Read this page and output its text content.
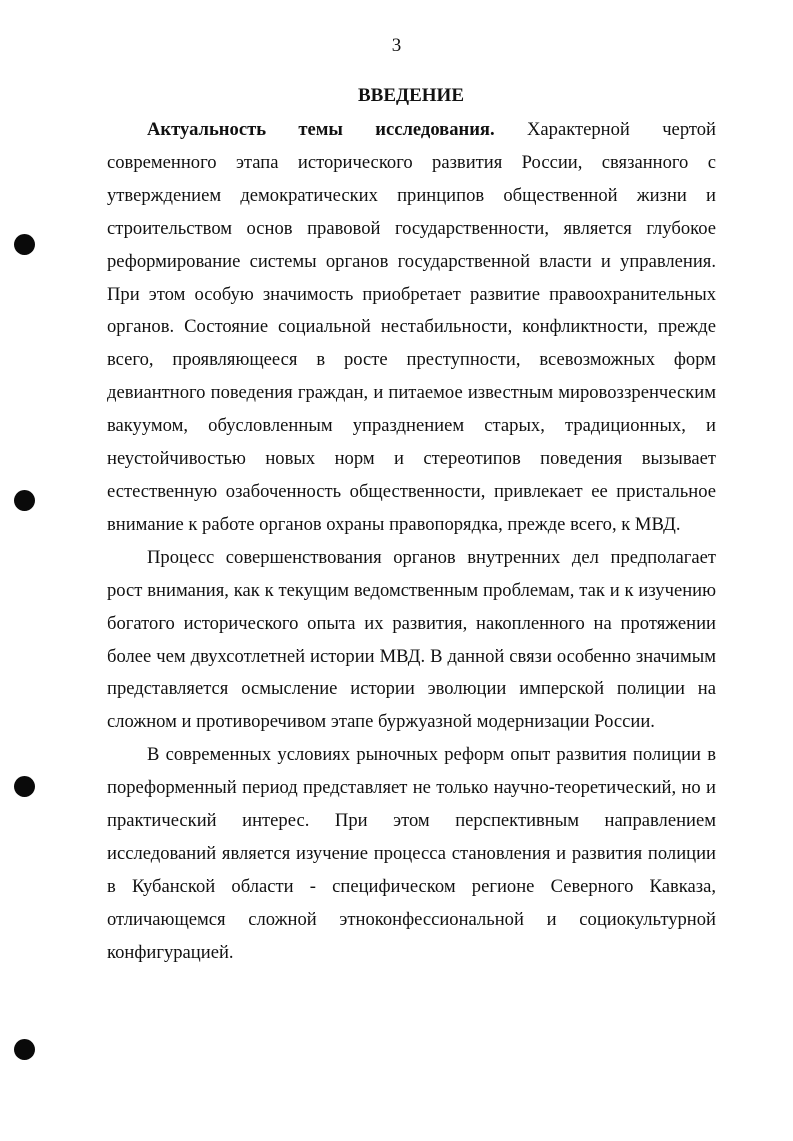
3
ВВЕДЕНИЕ

Актуальность темы исследования. Характерной чертой современного этапа исторического развития России, связанного с утверждением демократических принципов общественной жизни и строительством основ правовой государственности, является глубокое реформирование системы органов государственной власти и управления. При этом особую значимость приобретает развитие правоохранительных органов. Состояние социальной нестабильности, конфликтности, прежде всего, проявляющееся в росте преступности, всевозможных форм девиантного поведения граждан, и питаемое известным мировоззренческим вакуумом, обусловленным упразднением старых, традиционных, и неустойчивостью новых норм и стереотипов поведения вызывает естественную озабоченность общественности, привлекает ее пристальное внимание к работе органов охраны правопорядка, прежде всего, к МВД.

Процесс совершенствования органов внутренних дел предполагает рост внимания, как к текущим ведомственным проблемам, так и к изучению богатого исторического опыта их развития, накопленного на протяжении более чем двухсотлетней истории МВД. В данной связи особенно значимым представляется осмысление истории эволюции имперской полиции на сложном и противоречивом этапе буржуазной модернизации России.

В современных условиях рыночных реформ опыт развития полиции в пореформенный период представляет не только научно-теоретический, но и практический интерес. При этом перспективным направлением исследований является изучение процесса становления и развития полиции в Кубанской области - специфическом регионе Северного Кавказа, отличающемся сложной этноконфессиональной и социокультурной конфигурацией.
